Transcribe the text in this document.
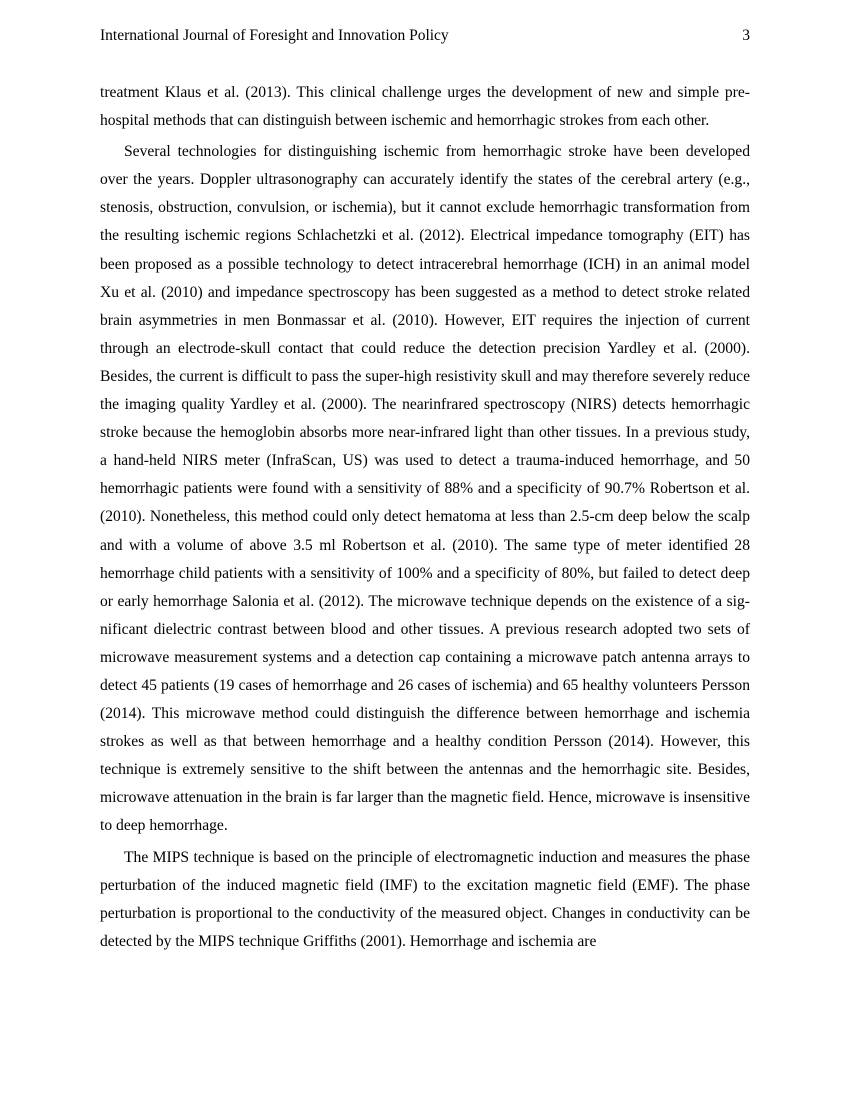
International Journal of Foresight and Innovation Policy	3

treatment Klaus et al. (2013). This clinical challenge urges the development of new and simple pre-hospital methods that can distinguish between ischemic and hemorrhagic strokes from each other.

Several technologies for distinguishing ischemic from hemorrhagic stroke have been developed over the years. Doppler ultrasonography can accurately identify the states of the cerebral artery (e.g., stenosis, obstruction, convulsion, or ischemia), but it cannot exclude hemorrhagic transformation from the resulting ischemic regions Schlachetzki et al. (2012). Electrical impedance tomography (EIT) has been proposed as a possible technology to detect intracerebral hemorrhage (ICH) in an animal model Xu et al. (2010) and impedance spectroscopy has been suggested as a method to detect stroke related brain asymmetries in men Bonmassar et al. (2010). However, EIT requires the injection of current through an electrode-skull contact that could reduce the detection precision Yardley et al. (2000). Besides, the current is difficult to pass the super-high resistivity skull and may therefore severely reduce the imaging quality Yardley et al. (2000). The nearinfrared spectroscopy (NIRS) detects hemorrhagic stroke because the hemoglobin absorbs more near-infrared light than other tissues. In a previous study, a hand-held NIRS meter (InfraScan, US) was used to detect a trauma-induced hemorrhage, and 50 hemorrhagic patients were found with a sensitivity of 88% and a specificity of 90.7% Robertson et al. (2010). Nonetheless, this method could only detect hematoma at less than 2.5-cm deep below the scalp and with a volume of above 3.5 ml Robertson et al. (2010). The same type of meter identified 28 hemorrhage child patients with a sensitivity of 100% and a specificity of 80%, but failed to detect deep or early hemorrhage Salonia et al. (2012). The microwave technique depends on the existence of a significant dielectric contrast between blood and other tissues. A previous research adopted two sets of microwave measurement systems and a detection cap containing a microwave patch antenna arrays to detect 45 patients (19 cases of hemorrhage and 26 cases of ischemia) and 65 healthy volunteers Persson (2014). This microwave method could distinguish the difference between hemorrhage and ischemia strokes as well as that between hemorrhage and a healthy condition Persson (2014). However, this technique is extremely sensitive to the shift between the antennas and the hemorrhagic site. Besides, microwave attenuation in the brain is far larger than the magnetic field. Hence, microwave is insensitive to deep hemorrhage.

The MIPS technique is based on the principle of electromagnetic induction and measures the phase perturbation of the induced magnetic field (IMF) to the excitation magnetic field (EMF). The phase perturbation is proportional to the conductivity of the measured object. Changes in conductivity can be detected by the MIPS technique Griffiths (2001). Hemorrhage and ischemia are
